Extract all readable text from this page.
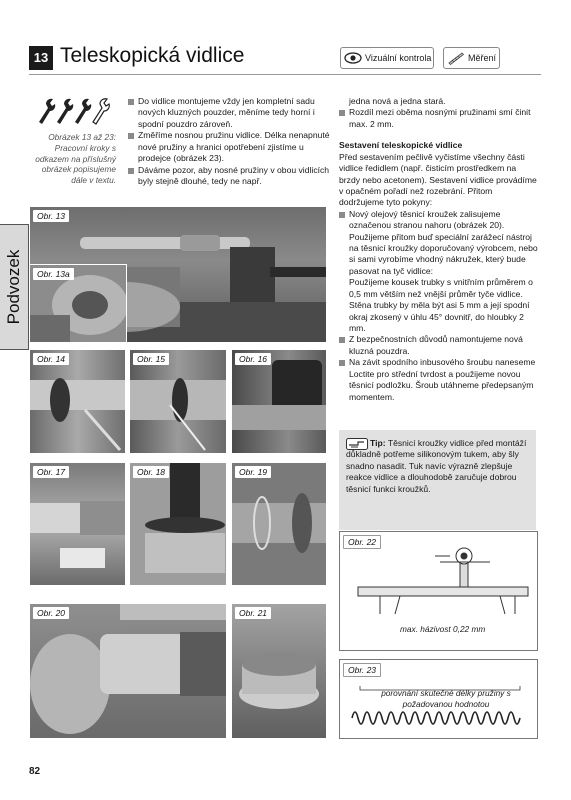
13 Teleskopická vidlice	Vizuální kontrola	Měření
Podvozek
Obrázek 13 až 23: Pracovní kroky s odkazem na příslušný obrázek popisujeme dále v textu.

Do vidlice montujeme vždy jen kompletní sadu nových kluzných pouzder, měníme tedy horní i spodní pouzdro zároveň.

Změříme nosnou pružinu vidlice. Délka nenapnuté nové pružiny a hranici opotřebení zjistíme u prodejce (obrázek 23).

Dáváme pozor, aby nosné pružiny v obou vidlicích byly stejně dlouhé, tedy ne např.

jedna nová a jedna stará.

Rozdíl mezi oběma nosnými pružinami smí činit max. 2 mm.

Sestavení teleskopické vidlice

Před sestavením pečlivě vyčistíme všechny části vidlice ředidlem (např. čisticím prostředkem na brzdy nebo acetonem). Sestavení vidlice provádíme v opačném pořadí než rozebrání. Přitom dodržujeme tyto pokyny:

Nový olejový těsnicí kroužek zalisujeme označenou stranou nahoru (obrázek 20). Použijeme přitom buď speciální zarážecí nástroj na těsnicí kroužky doporučovaný výrobcem, nebo si sami vyrobíme vhodný nákružek, který bude pasovat na tyč vidlice:

Použijeme kousek trubky s vnitřním průměrem o 0,5 mm větším než vnější průměr tyče vidlice. Stěna trubky by měla být asi 5 mm a její spodní okraj zkosený v úhlu 45° dovnitř, do hloubky 2 mm.

Z bezpečnostních důvodů namontujeme nová kluzná pouzdra.

Na závit spodního inbusového šroubu naneseme Loctite pro střední tvrdost a použijeme novou těsnicí podložku. Šroub utáhneme předepsaným momentem.

Tip: Těsnicí kroužky vidlice před montáží důkladně potřeme silikonovým tukem, aby šly snadno nasadit. Tuk navíc výrazně zlepšuje reakce vidlice a dlouhodobě zaručuje dobrou těsnicí funkci kroužků.
Obr. 13
Obr. 13a
Obr. 14	Obr. 15	Obr. 16
Obr. 17	Obr. 18	Obr. 19
Obr. 20	Obr. 21
Obr. 22
max. házivost 0,22 mm
Obr. 23
porovnání skutečné délky pružiny s požadovanou hodnotou
82
